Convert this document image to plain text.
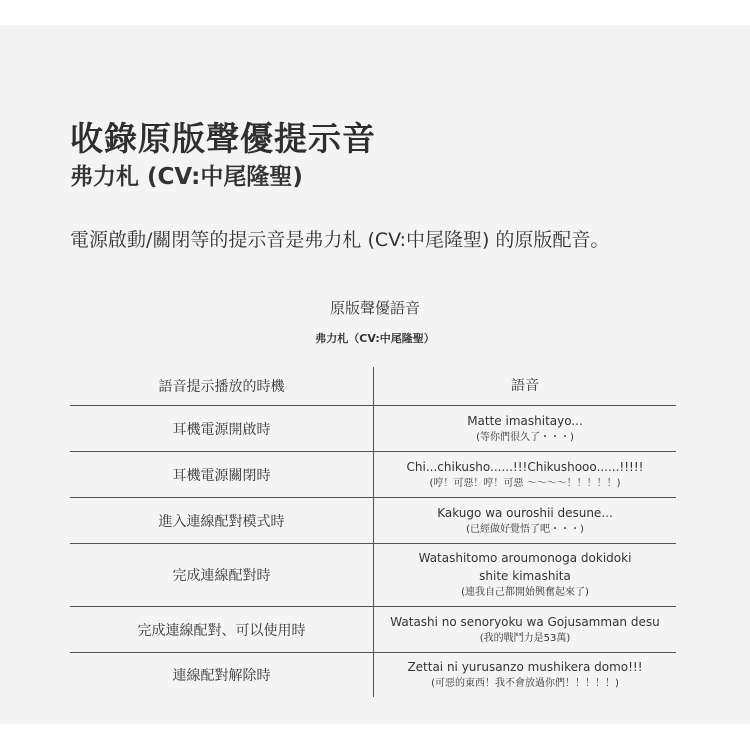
收錄原版聲優提示音
弗力札 (CV:中尾隆聖)

電源啟動/關閉等的提示音是弗力札 (CV:中尾隆聖) 的原版配音。

原版聲優語音
弗力札（CV:中尾隆聖）
語音提示播放的時機	語音
耳機電源開啟時
Matte imashitayo...
(等你們很久了・・・)
耳機電源關閉時
Chi...chikusho......!!!Chikushooo......!!!!!
(哼！可惡！哼！可惡 ～～～～！！！！！)
進入連線配對模式時
Kakugo wa ouroshii desune...
(已經做好覺悟了吧・・・)
完成連線配對時
Watashitomo aroumonoga dokidoki
shite kimashita
(連我自己都開始興奮起來了)
完成連線配對、可以使用時
Watashi no senoryoku wa Gojusamman desu
(我的戰鬥力是53萬)
連線配對解除時
Zettai ni yurusanzo mushikera domo!!!
(可惡的東西！我不會放過你們！！！！！)
